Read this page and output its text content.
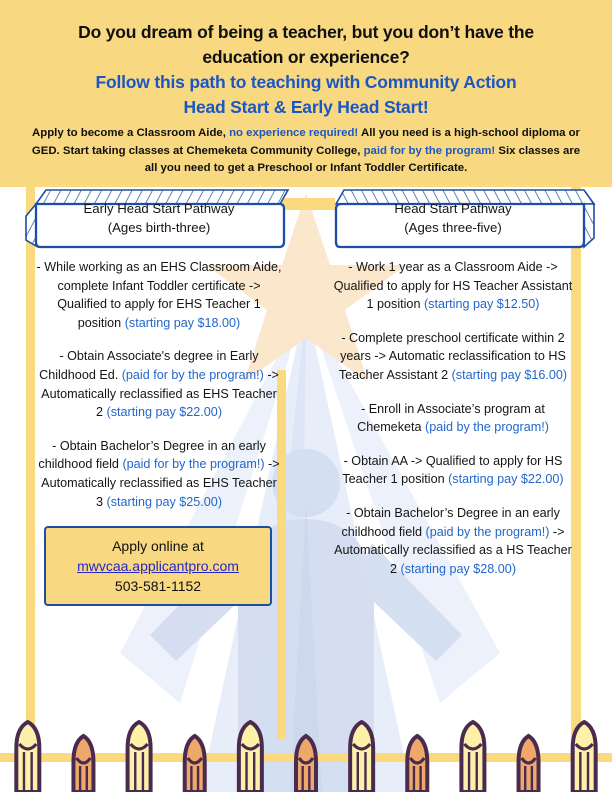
Do you dream of being a teacher, but you don’t have the
education or experience?
Follow this path to teaching with Community Action
Head Start & Early Head Start!
Apply to become a Classroom Aide, no experience required! All you need is a high-school diploma or GED. Start taking classes at Chemeketa Community College, paid for by the program! Six classes are all you need to get a Preschool or Infant Toddler Certificate.
Early Head Start Pathway
(Ages birth-three)
- While working as an EHS Classroom Aide, complete Infant Toddler certificate -> Qualified to apply for EHS Teacher 1 position (starting pay $18.00)
- Obtain Associate's degree in Early Childhood Ed. (paid for by the program!) -> Automatically reclassified as EHS Teacher 2 (starting pay $22.00)
- Obtain Bachelor’s Degree in an early childhood field (paid for by the program!) -> Automatically reclassified as EHS Teacher 3 (starting pay $25.00)
Apply online at
mwvcaa.applicantpro.com
503-581-1152
Head Start Pathway
(Ages three-five)
- Work 1 year as a Classroom Aide -> Qualified to apply for HS Teacher Assistant 1 position (starting pay $12.50)
- Complete preschool certificate within 2 years -> Automatic reclassification to HS Teacher Assistant 2 (starting pay $16.00)
- Enroll in Associate’s program at Chemeketa (paid by the program!)
- Obtain AA -> Qualified to apply for HS Teacher 1 position (starting pay $22.00)
- Obtain Bachelor’s Degree in an early childhood field (paid by the program!) -> Automatically reclassified as a HS Teacher 2 (starting pay $28.00)
